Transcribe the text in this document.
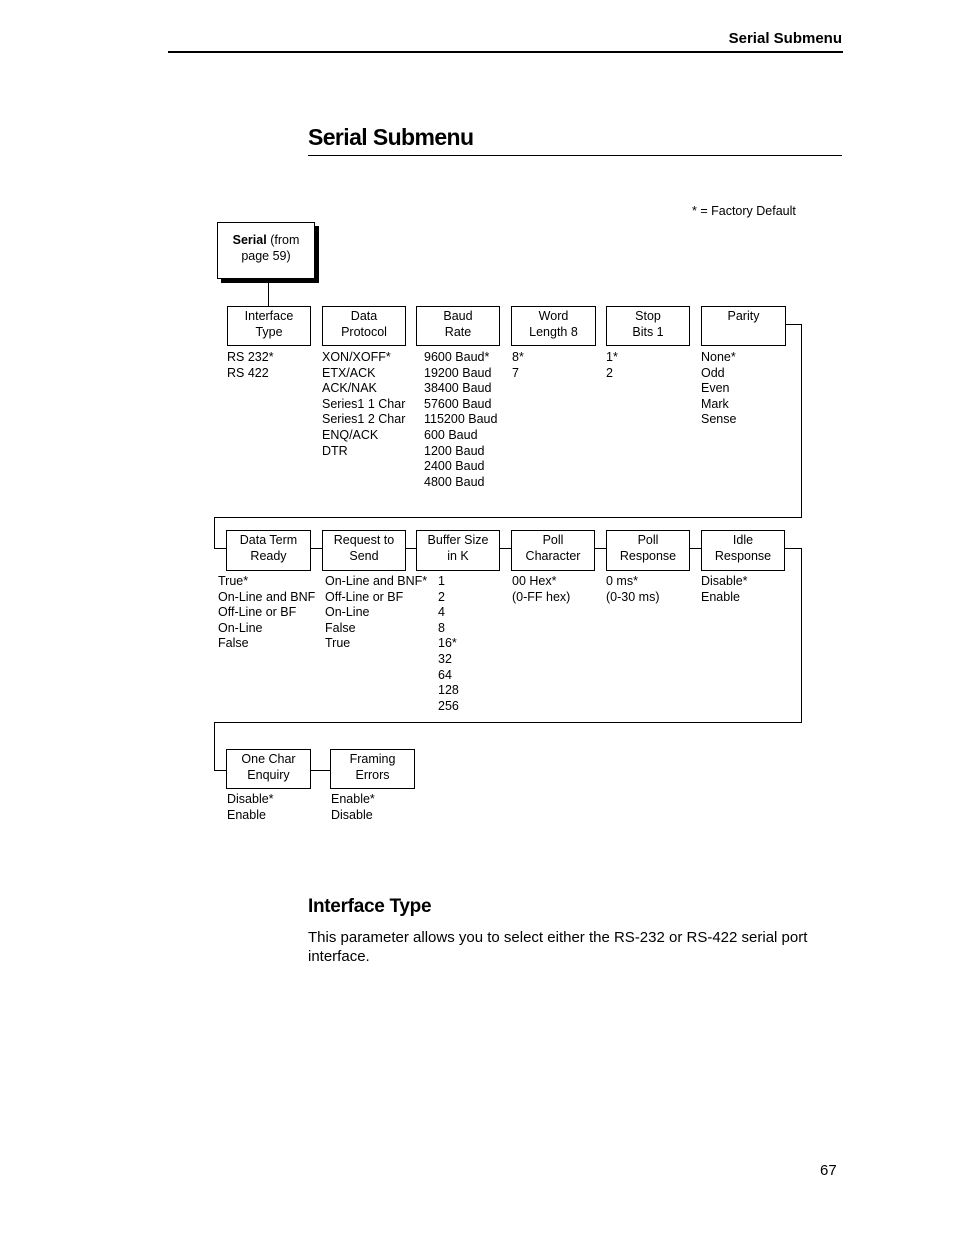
Serial Submenu
Serial Submenu
* = Factory Default
Serial (from page 59)
Interface
Type
Data
Protocol
Baud
Rate
Word
Length 8
Stop
Bits 1
Parity
RS 232*
RS 422
XON/XOFF*
ETX/ACK
ACK/NAK
Series1 1 Char
Series1 2 Char
ENQ/ACK
DTR
9600 Baud*
19200 Baud
38400 Baud
57600 Baud
115200 Baud
600 Baud
1200 Baud
2400 Baud
4800 Baud
8*
7
1*
2
None*
Odd
Even
Mark
Sense
Data Term
Ready
Request to
Send
Buffer Size
in K
Poll
Character
Poll
Response
Idle
Response
True*
On-Line and BNF
Off-Line or BF
On-Line
False
On-Line and BNF*
Off-Line or BF
On-Line
False
True
1
2
4
8
16*
32
64
128
256
00 Hex*
(0-FF hex)
0 ms*
(0-30 ms)
Disable*
Enable
One Char
Enquiry
Framing
Errors
Disable*
Enable
Enable*
Disable
Interface Type
This parameter allows you to select either the RS-232 or RS-422 serial port interface.
67
